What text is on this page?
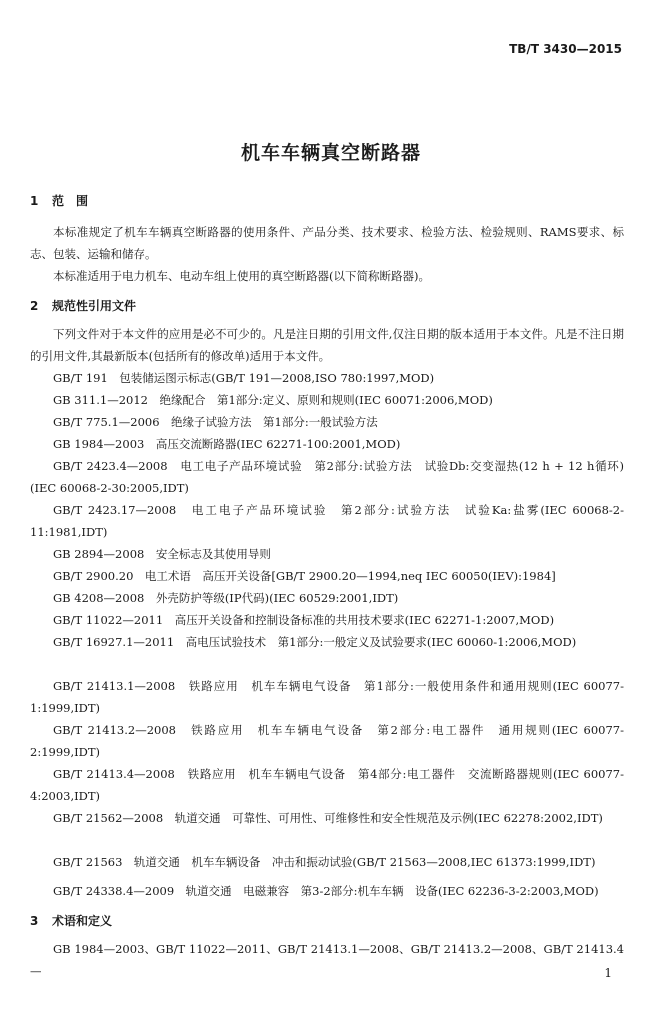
TB/T 3430—2015
机车车辆真空断路器
1 范　围

本标准规定了机车车辆真空断路器的使用条件、产品分类、技术要求、检验方法、检验规则、RAMS要求、标志、包装、运输和储存。

本标准适用于电力机车、电动车组上使用的真空断路器(以下简称断路器)。

2 规范性引用文件

下列文件对于本文件的应用是必不可少的。凡是注日期的引用文件,仅注日期的版本适用于本文件。凡是不注日期的引用文件,其最新版本(包括所有的修改单)适用于本文件。

GB/T 191　包装储运图示标志(GB/T 191—2008,ISO 780:1997,MOD)

GB 311.1—2012　绝缘配合　第1部分:定义、原则和规则(IEC 60071:2006,MOD)

GB/T 775.1—2006　绝缘子试验方法　第1部分:一般试验方法

GB 1984—2003　高压交流断路器(IEC 62271-100:2001,MOD)

GB/T 2423.4—2008　电工电子产品环境试验　第2部分:试验方法　试验Db:交变湿热(12 h + 12 h循环)(IEC 60068-2-30:2005,IDT)

GB/T 2423.17—2008　电工电子产品环境试验　第2部分:试验方法　试验Ka:盐雾(IEC 60068-2-11:1981,IDT)

GB 2894—2008　安全标志及其使用导则

GB/T 2900.20　电工术语　高压开关设备[GB/T 2900.20—1994,neq IEC 60050(IEV):1984]

GB 4208—2008　外壳防护等级(IP代码)(IEC 60529:2001,IDT)

GB/T 11022—2011　高压开关设备和控制设备标准的共用技术要求(IEC 62271-1:2007,MOD)

GB/T 16927.1—2011　高电压试验技术　第1部分:一般定义及试验要求(IEC 60060-1:2006,MOD)

GB/T 21413.1—2008　铁路应用　机车车辆电气设备　第1部分:一般使用条件和通用规则(IEC 60077-1:1999,IDT)

GB/T 21413.2—2008　铁路应用　机车车辆电气设备　第2部分:电工器件　通用规则(IEC 60077-2:1999,IDT)

GB/T 21413.4—2008　铁路应用　机车车辆电气设备　第4部分:电工器件　交流断路器规则(IEC 60077-4:2003,IDT)

GB/T 21562—2008　轨道交通　可靠性、可用性、可维修性和安全性规范及示例(IEC 62278:2002,IDT)

GB/T 21563　轨道交通　机车车辆设备　冲击和振动试验(GB/T 21563—2008,IEC 61373:1999,IDT)

GB/T 24338.4—2009　轨道交通　电磁兼容　第3-2部分:机车车辆　设备(IEC 62236-3-2:2003,MOD)

3 术语和定义

GB 1984—2003、GB/T 11022—2011、GB/T 21413.1—2008、GB/T 21413.2—2008、GB/T 21413.4—	1
